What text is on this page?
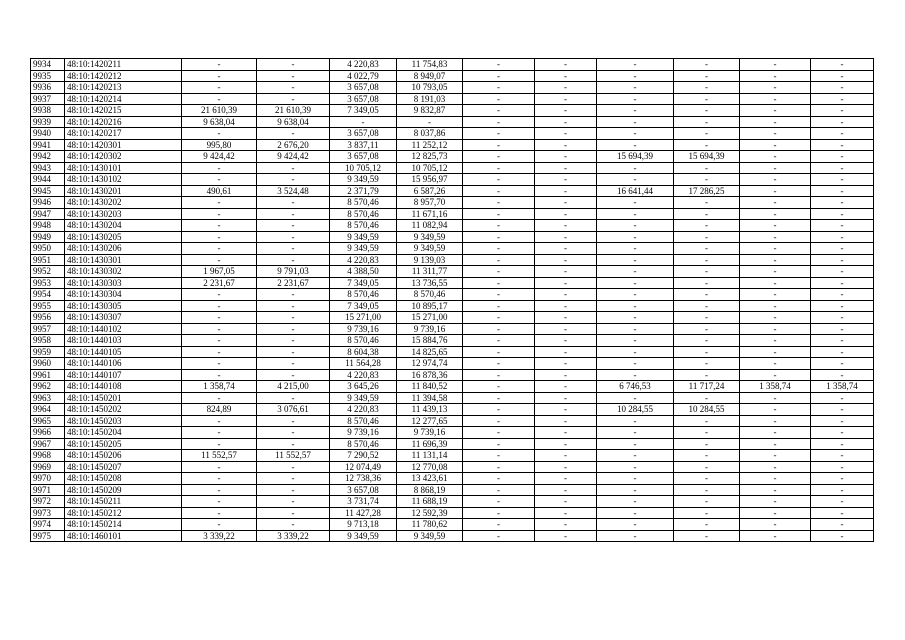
9934	48:10:1420211	-	-	4 220,83	11 754,83	-	-	-	-	-	-
9935	48:10:1420212	-	-	4 022,79	8 949,07	-	-	-	-	-	-
9936	48:10:1420213	-	-	3 657,08	10 793,05	-	-	-	-	-	-
9937	48:10:1420214	-	-	3 657,08	8 191,03	-	-	-	-	-	-
9938	48:10:1420215	21 610,39	21 610,39	7 349,05	9 832,87	-	-	-	-	-	-
9939	48:10:1420216	9 638,04	9 638,04	-	-	-	-	-	-	-	-
9940	48:10:1420217	-	-	3 657,08	8 037,86	-	-	-	-	-	-
9941	48:10:1420301	995,80	2 676,20	3 837,11	11 252,12	-	-	-	-	-	-
9942	48:10:1420302	9 424,42	9 424,42	3 657,08	12 825,73	-	-	15 694,39	15 694,39	-	-
9943	48:10:1430101	-	-	10 705,12	10 705,12	-	-	-	-	-	-
9944	48:10:1430102	-	-	9 349,59	15 956,97	-	-	-	-	-	-
9945	48:10:1430201	490,61	3 524,48	2 371,79	6 587,26	-	-	16 641,44	17 286,25	-	-
9946	48:10:1430202	-	-	8 570,46	8 957,70	-	-	-	-	-	-
9947	48:10:1430203	-	-	8 570,46	11 671,16	-	-	-	-	-	-
9948	48:10:1430204	-	-	8 570,46	11 082,94	-	-	-	-	-	-
9949	48:10:1430205	-	-	9 349,59	9 349,59	-	-	-	-	-	-
9950	48:10:1430206	-	-	9 349,59	9 349,59	-	-	-	-	-	-
9951	48:10:1430301	-	-	4 220,83	9 139,03	-	-	-	-	-	-
9952	48:10:1430302	1 967,05	9 791,03	4 388,50	11 311,77	-	-	-	-	-	-
9953	48:10:1430303	2 231,67	2 231,67	7 349,05	13 736,55	-	-	-	-	-	-
9954	48:10:1430304	-	-	8 570,46	8 570,46	-	-	-	-	-	-
9955	48:10:1430305	-	-	7 349,05	10 895,17	-	-	-	-	-	-
9956	48:10:1430307	-	-	15 271,00	15 271,00	-	-	-	-	-	-
9957	48:10:1440102	-	-	9 739,16	9 739,16	-	-	-	-	-	-
9958	48:10:1440103	-	-	8 570,46	15 884,76	-	-	-	-	-	-
9959	48:10:1440105	-	-	8 604,38	14 825,65	-	-	-	-	-	-
9960	48:10:1440106	-	-	11 564,28	12 974,74	-	-	-	-	-	-
9961	48:10:1440107	-	-	4 220,83	16 878,36	-	-	-	-	-	-
9962	48:10:1440108	1 358,74	4 215,00	3 645,26	11 840,52	-	-	6 746,53	11 717,24	1 358,74	1 358,74
9963	48:10:1450201	-	-	9 349,59	11 394,58	-	-	-	-	-	-
9964	48:10:1450202	824,89	3 076,61	4 220,83	11 439,13	-	-	10 284,55	10 284,55	-	-
9965	48:10:1450203	-	-	8 570,46	12 277,65	-	-	-	-	-	-
9966	48:10:1450204	-	-	9 739,16	9 739,16	-	-	-	-	-	-
9967	48:10:1450205	-	-	8 570,46	11 696,39	-	-	-	-	-	-
9968	48:10:1450206	11 552,57	11 552,57	7 290,52	11 131,14	-	-	-	-	-	-
9969	48:10:1450207	-	-	12 074,49	12 770,08	-	-	-	-	-	-
9970	48:10:1450208	-	-	12 738,36	13 423,61	-	-	-	-	-	-
9971	48:10:1450209	-	-	3 657,08	8 868,19	-	-	-	-	-	-
9972	48:10:1450211	-	-	3 731,74	11 688,19	-	-	-	-	-	-
9973	48:10:1450212	-	-	11 427,28	12 592,39	-	-	-	-	-	-
9974	48:10:1450214	-	-	9 713,18	11 780,62	-	-	-	-	-	-
9975	48:10:1460101	3 339,22	3 339,22	9 349,59	9 349,59	-	-	-	-	-	-
